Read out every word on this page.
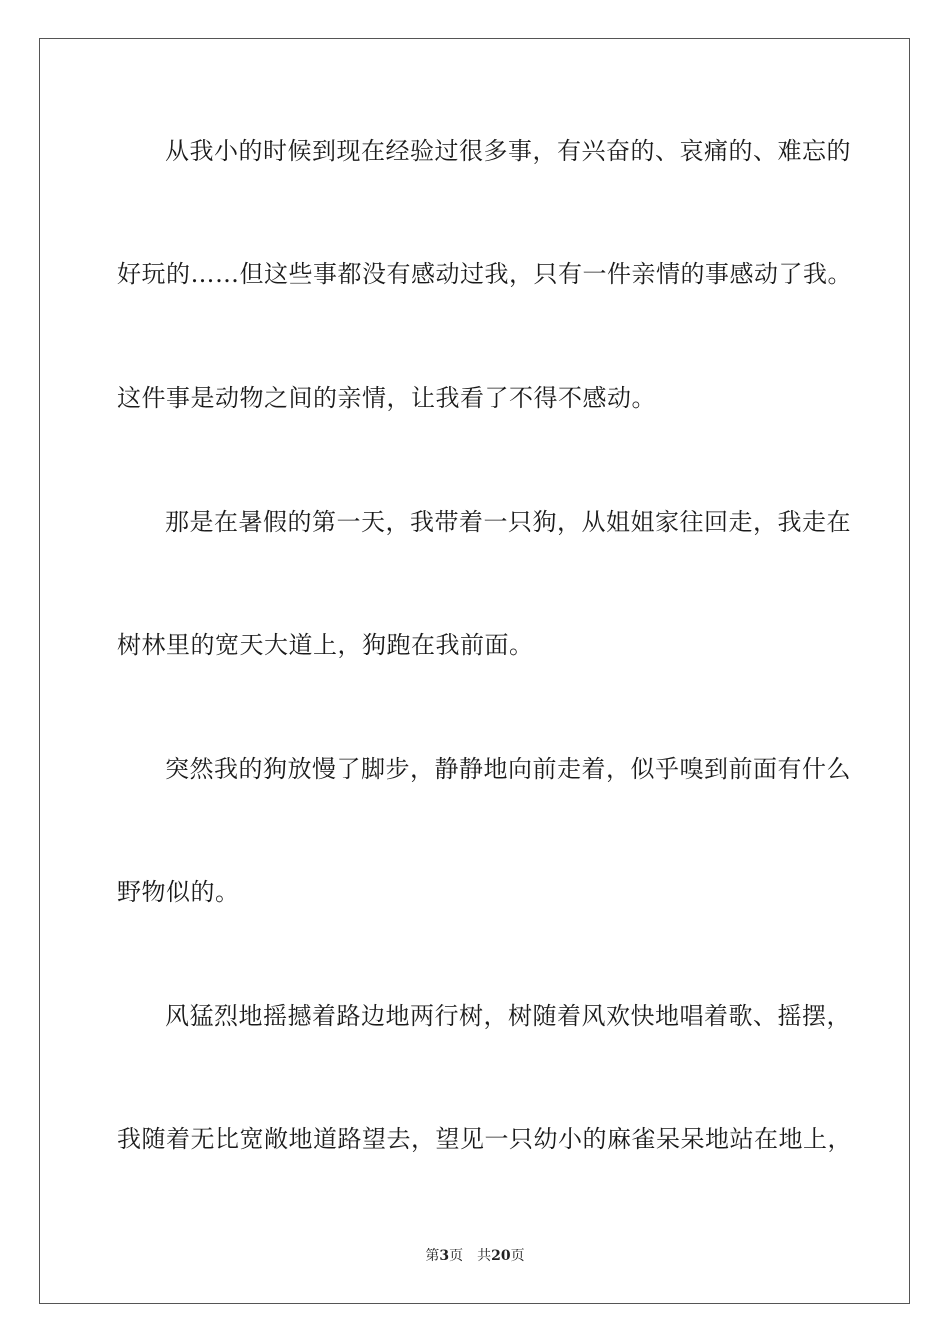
从我小的时候到现在经验过很多事，有兴奋的、哀痛的、难忘的
好玩的……但这些事都没有感动过我，只有一件亲情的事感动了我。
这件事是动物之间的亲情，让我看了不得不感动。
那是在暑假的第一天，我带着一只狗，从姐姐家往回走，我走在
树林里的宽天大道上，狗跑在我前面。
突然我的狗放慢了脚步，静静地向前走着，似乎嗅到前面有什么
野物似的。
风猛烈地摇撼着路边地两行树，树随着风欢快地唱着歌、摇摆，
我随着无比宽敞地道路望去，望见一只幼小的麻雀呆呆地站在地上，
第3页 共20页
